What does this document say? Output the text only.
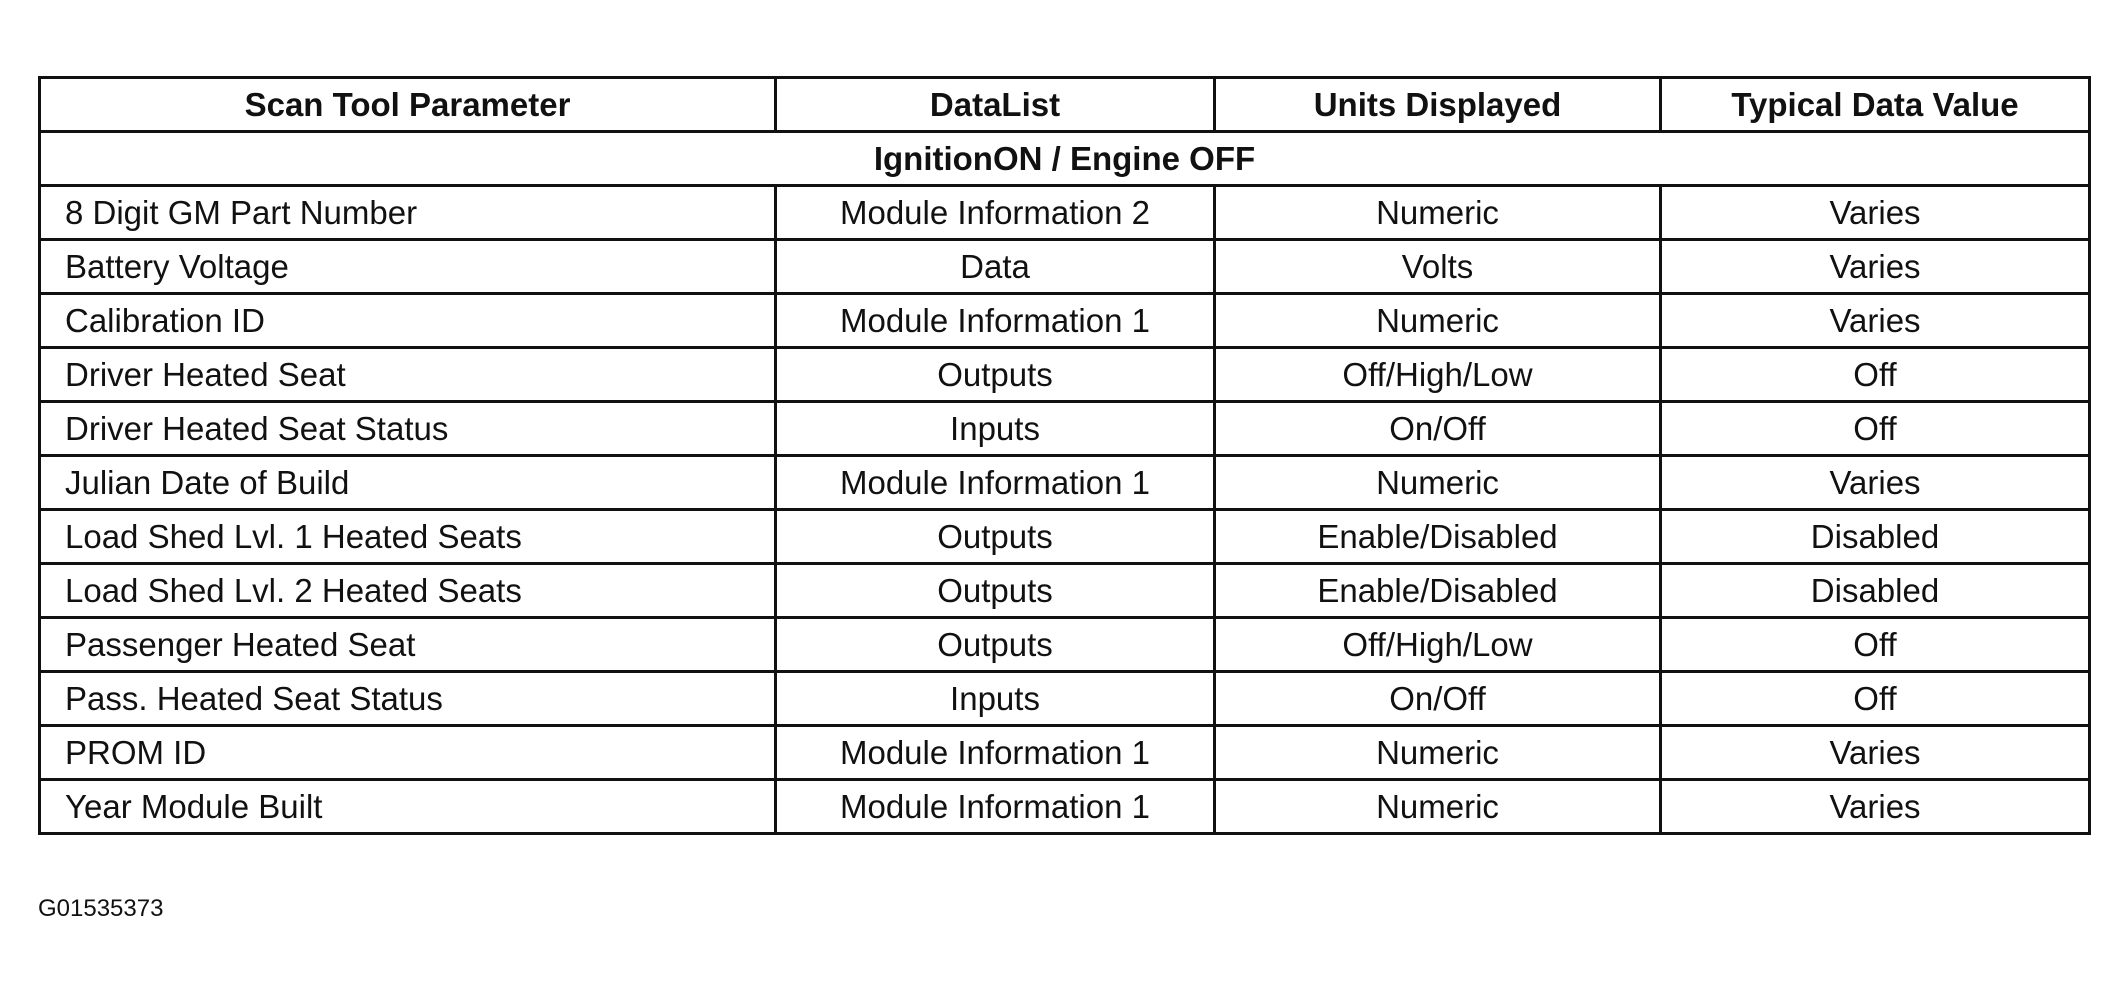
Scan Tool Parameter	DataList	Units Displayed	Typical Data Value
IgnitionON / Engine OFF			
8 Digit GM Part Number	Module Information 2	Numeric	Varies
Battery Voltage	Data	Volts	Varies
Calibration ID	Module Information 1	Numeric	Varies
Driver Heated Seat	Outputs	Off/High/Low	Off
Driver Heated Seat Status	Inputs	On/Off	Off
Julian Date of Build	Module Information 1	Numeric	Varies
Load Shed Lvl. 1 Heated Seats	Outputs	Enable/Disabled	Disabled
Load Shed Lvl. 2 Heated Seats	Outputs	Enable/Disabled	Disabled
Passenger Heated Seat	Outputs	Off/High/Low	Off
Pass. Heated Seat Status	Inputs	On/Off	Off
PROM ID	Module Information 1	Numeric	Varies
Year Module Built	Module Information 1	Numeric	Varies
G01535373
